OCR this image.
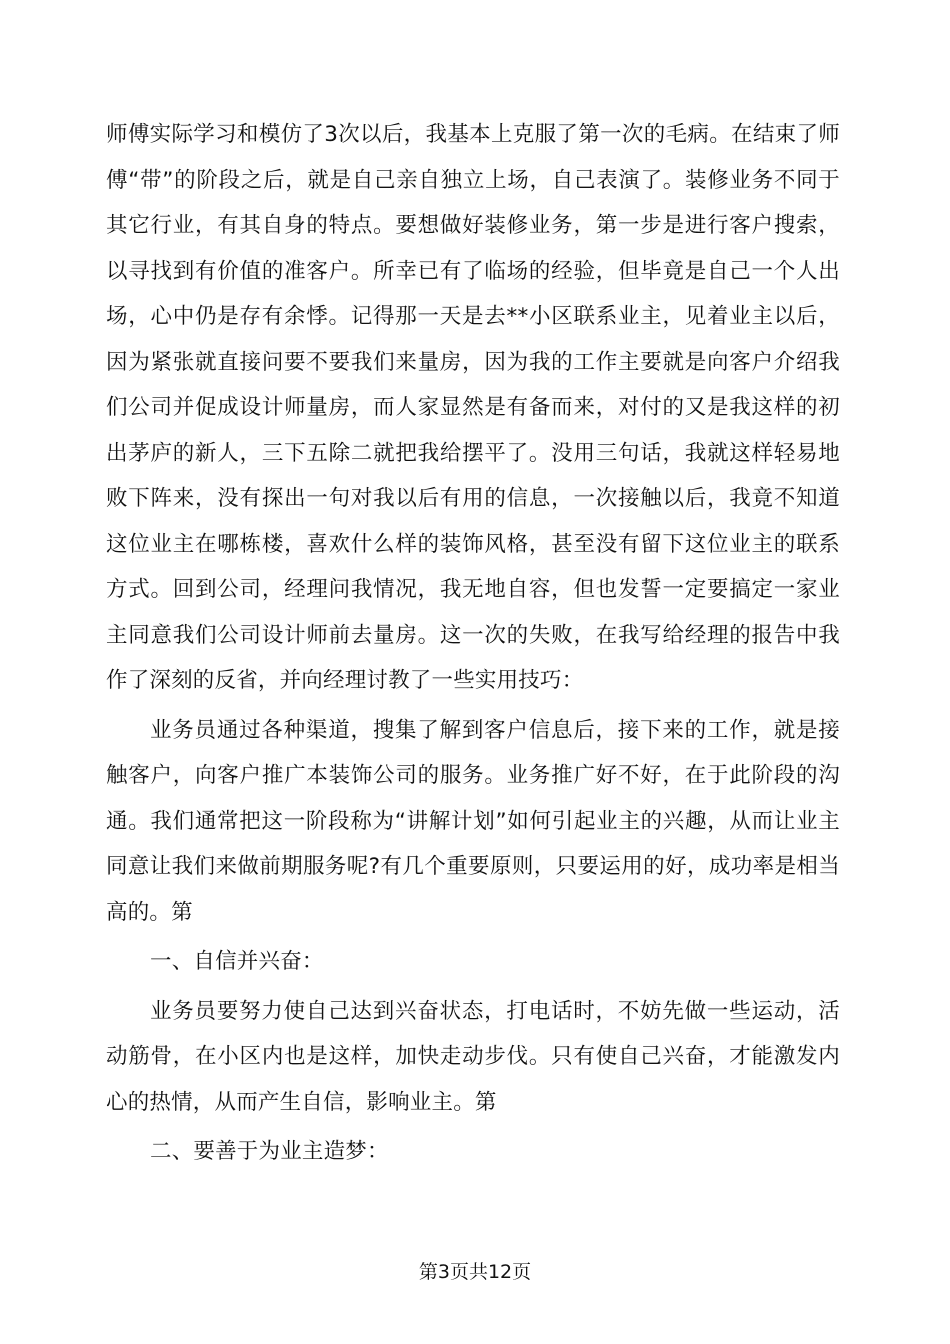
师傅实际学习和模仿了3次以后，我基本上克服了第一次的毛病。在结束了师傅“带”的阶段之后，就是自己亲自独立上场，自己表演了。装修业务不同于其它行业，有其自身的特点。要想做好装修业务，第一步是进行客户搜索，以寻找到有价值的准客户。所幸已有了临场的经验，但毕竟是自己一个人出场，心中仍是存有余悸。记得那一天是去**小区联系业主，见着业主以后，因为紧张就直接问要不要我们来量房，因为我的工作主要就是向客户介绍我们公司并促成设计师量房，而人家显然是有备而来，对付的又是我这样的初出茅庐的新人，三下五除二就把我给摆平了。没用三句话，我就这样轻易地败下阵来，没有探出一句对我以后有用的信息，一次接触以后，我竟不知道这位业主在哪栋楼，喜欢什么样的装饰风格，甚至没有留下这位业主的联系方式。回到公司，经理问我情况，我无地自容，但也发誓一定要搞定一家业主同意我们公司设计师前去量房。这一次的失败，在我写给经理的报告中我作了深刻的反省，并向经理讨教了一些实用技巧：

业务员通过各种渠道，搜集了解到客户信息后，接下来的工作，就是接触客户，向客户推广本装饰公司的服务。业务推广好不好，在于此阶段的沟通。我们通常把这一阶段称为“讲解计划”如何引起业主的兴趣，从而让业主同意让我们来做前期服务呢?有几个重要原则，只要运用的好，成功率是相当高的。第

一、自信并兴奋：

业务员要努力使自己达到兴奋状态，打电话时，不妨先做一些运动，活动筋骨，在小区内也是这样，加快走动步伐。只有使自己兴奋，才能激发内心的热情，从而产生自信，影响业主。第

二、要善于为业主造梦：

第3页共12页
